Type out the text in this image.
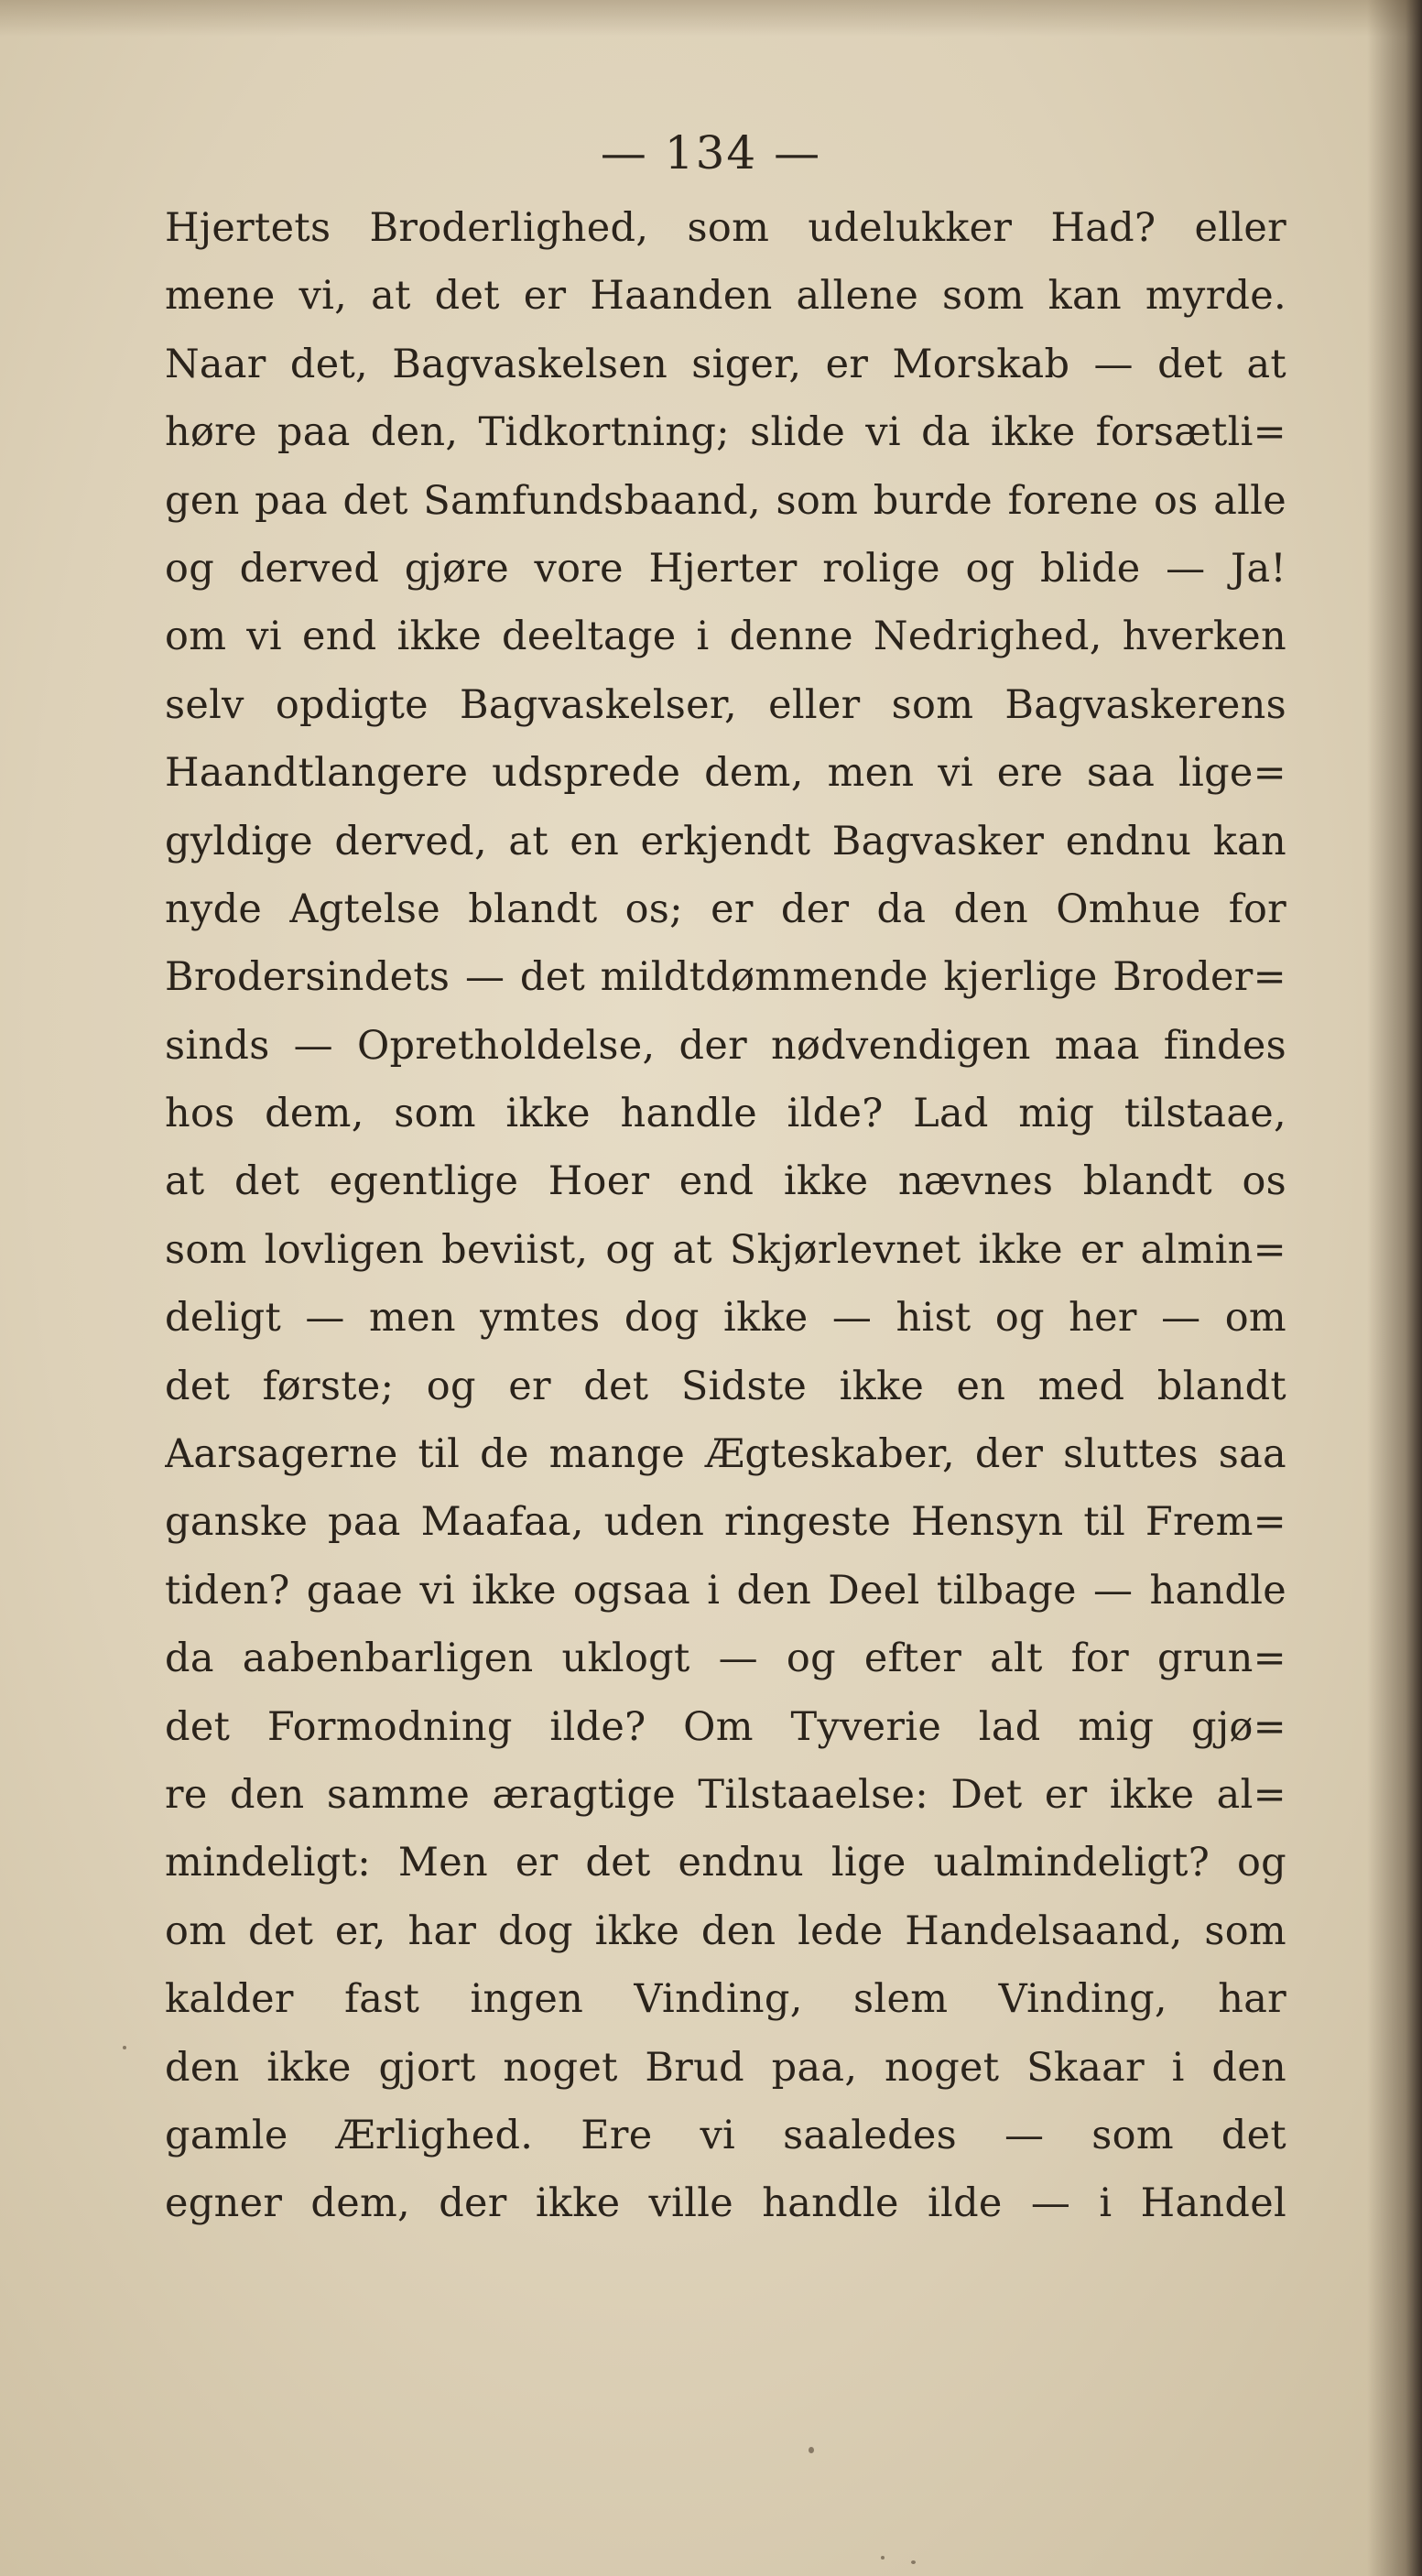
— 134 —
Hjertets Broderlighed, som udelukker Had? eller
mene vi, at det er Haanden allene som kan myrde.
Naar det, Bagvaskelsen siger, er Morskab — det at
høre paa den, Tidkortning; slide vi da ikke forsætli=
gen paa det Samfundsbaand, som burde forene os alle
og derved gjøre vore Hjerter rolige og blide — Ja!
om vi end ikke deeltage i denne Nedrighed, hverken
selv opdigte Bagvaskelser, eller som Bagvaskerens
Haandtlangere udsprede dem, men vi ere saa lige=
gyldige derved, at en erkjendt Bagvasker endnu kan
nyde Agtelse blandt os; er der da den Omhue for
Brodersindets — det mildtdømmende kjerlige Broder=
sinds — Opretholdelse, der nødvendigen maa findes
hos dem, som ikke handle ilde? Lad mig tilstaae,
at det egentlige Hoer end ikke nævnes blandt os
som lovligen beviist, og at Skjørlevnet ikke er almin=
deligt — men ymtes dog ikke — hist og her — om
det første; og er det Sidste ikke en med blandt
Aarsagerne til de mange Ægteskaber, der sluttes saa
ganske paa Maafaa, uden ringeste Hensyn til Frem=
tiden? gaae vi ikke ogsaa i den Deel tilbage — handle
da aabenbarligen uklogt — og efter alt for grun=
det Formodning ilde? Om Tyverie lad mig gjø=
re den samme æragtige Tilstaaelse: Det er ikke al=
mindeligt: Men er det endnu lige ualmindeligt? og
om det er, har dog ikke den lede Handelsaand, som
kalder fast ingen Vinding, slem Vinding, har
den ikke gjort noget Brud paa, noget Skaar i den
gamle Ærlighed. Ere vi saaledes — som det
egner dem, der ikke ville handle ilde — i Handel
